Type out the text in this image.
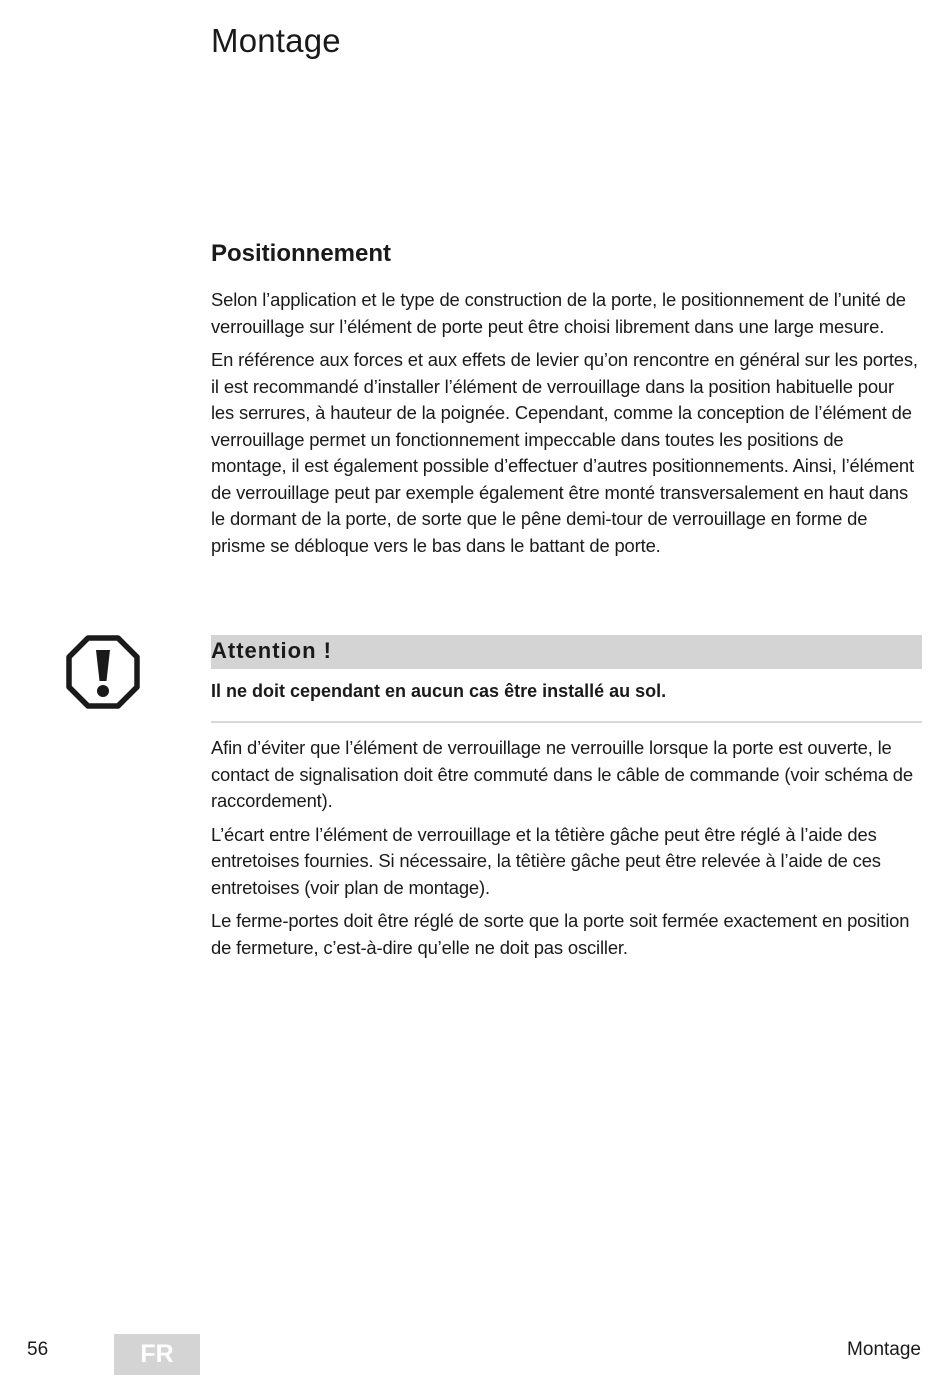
Montage
Positionnement

Selon l’application et le type de construction de la porte, le positionnement de l’unité de verrouillage sur l’élément de porte peut être choisi librement dans une large mesure.

En référence aux forces et aux effets de levier qu’on rencontre en général sur les portes, il est recommandé d’installer l’élément de verrouillage dans la position habituelle pour les serrures, à hauteur de la poignée. Cependant, comme la conception de l’élément de verrouillage permet un fonctionnement impeccable dans toutes les positions de montage, il est également possible d’effectuer d’autres positionnements. Ainsi, l’élément de verrouillage peut par exemple également être monté transversalement en haut dans le dormant de la porte, de sorte que le pêne demi-tour de verrouillage en forme de prisme se débloque vers le bas dans le battant de porte.

Attention !

Il ne doit cependant en aucun cas être installé au sol.

Afin d’éviter que l’élément de verrouillage ne verrouille lorsque la porte est ouverte, le contact de signalisation doit être commuté dans le câble de commande (voir schéma de raccordement).

L’écart entre l’élément de verrouillage et la têtière gâche peut être réglé à l’aide des entretoises fournies. Si nécessaire, la têtière gâche peut être relevée à l’aide de ces entretoises (voir plan de montage).

Le ferme-portes doit être réglé de sorte que la porte soit fermée exactement en position de fermeture, c’est-à-dire qu’elle ne doit pas osciller.

56	FR	Montage
